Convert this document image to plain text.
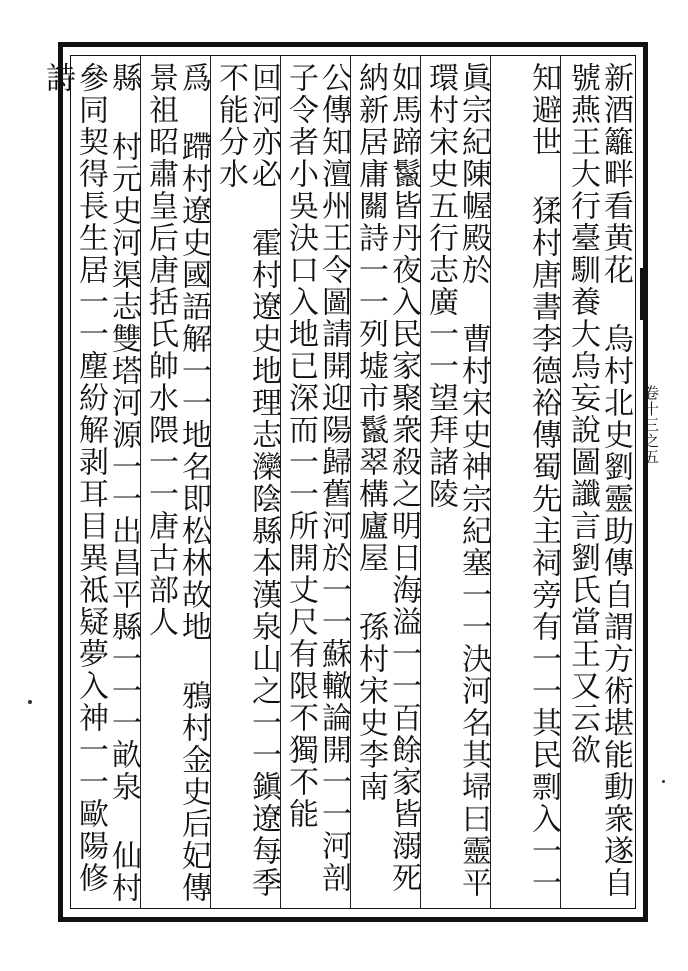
卷十三之五
新酒籬畔看黄花 烏村北史劉靈助傳自謂方術堪能動衆遂自號燕王大行臺馴養大烏妄說圖讖言劉氏當王又云欲
知避世 猱村唐書李德裕傳蜀先主祠旁有一一其民剽入一一
眞宗紀陳幄殿於 曹村宋史神宗紀塞一一決河名其埽曰靈平 環村宋史五行志廣一一望拜諸陵
如馬蹄鬣皆丹夜入民家聚衆殺之明日海溢一一百餘家皆溺死納新居庸關詩一一列墟市鬣翠構廬屋 孫村宋史李南
公傳知澶州王令圖請開迎陽歸舊河於一一蘇轍論開一一河剖子令者小吳決口入地已深而一一所開丈尺有限不獨不能
回河亦必 霍村遼史地理志灤陰縣本漢泉山之一一鎭遼每季不能分水
爲 蹛村遼史國語解一一地名即松林故地 鴉村金史后妃傳景祖昭肅皇后唐括氏帥水隈一一唐古部人
縣 村元史河渠志雙塔河源一一出昌平縣一一一畝泉 仙村參同契得長生居一一塵紛解剥耳目異祗疑夢入神一一歐陽修詩
